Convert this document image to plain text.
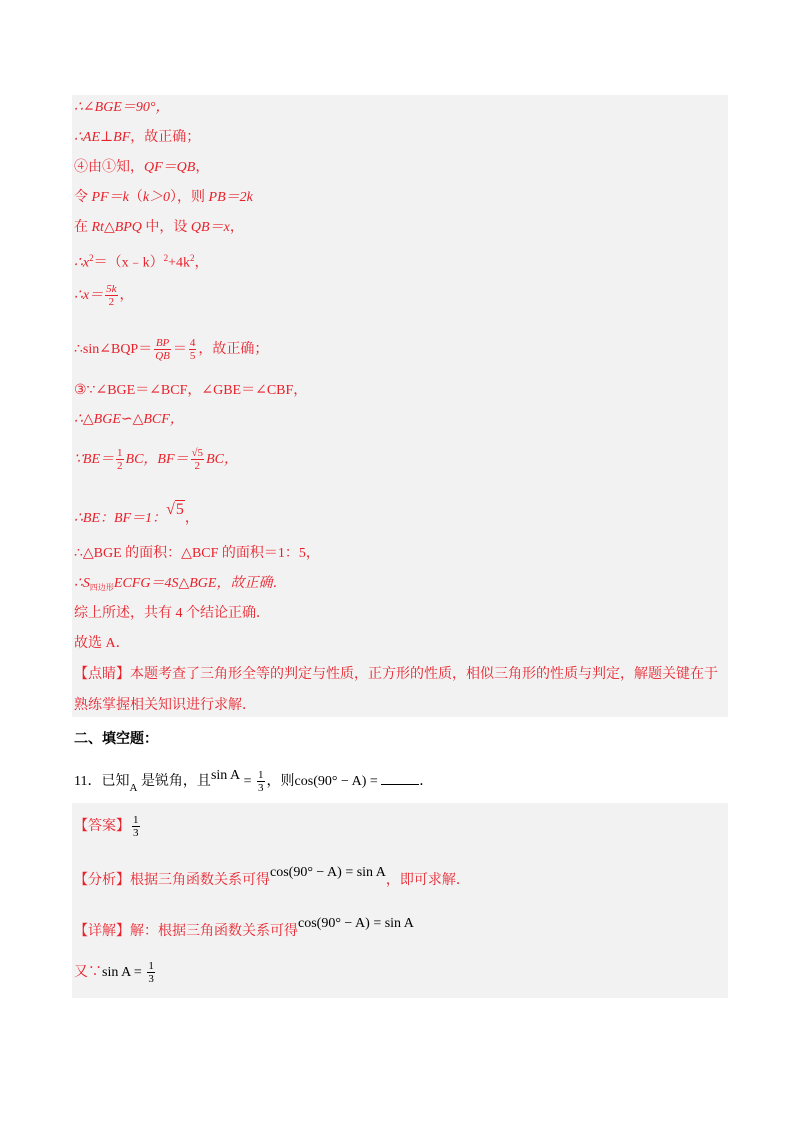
∴∠BGE＝90°，
∴AE⊥BF，故正确；
④由①知，QF＝QB，
令 PF＝k（k＞0），则 PB＝2k
在 Rt△BPQ 中，设 QB＝x，
$\therefore x^2=(x﹣k)^2+4k^2$，
∴x＝ $\frac{5k}{2}$ ，
∴sin∠BQP＝ $\frac{BP}{QB} = \frac{4}{5}$ ，故正确；
③∵∠BGE＝∠BCF，∠GBE＝∠CBF，
∴△BGE∽△BCF，
∵BE＝ $\frac{1}{2}$ BC，$BF= \frac{√5}{2}$ BC，
∴BE：BF＝1：√5，
∴△BGE 的面积：△BCF 的面积＝1：5，
$\therefore S_{四边形}ECFG=4S\triangle BGE$，故正确．
综上所述，共有 4 个结论正确．
故选 A．
【点睛】本题考查了三角形全等的判定与性质，正方形的性质，相似三角形的性质与判定，解题关键在于
熟练掌握相关知识进行求解．
二、填空题：
11．已知$_A$ 是锐角，且$\sin A = \frac{1}{3}$ ，则cos(90° − A) =	．
【答案】 $\frac{1}{3}$
【分析】根据三角函数关系可得cos(90° − A) = sin A，即可求解．
【详解】解：根据三角函数关系可得cos(90° − A) = sin A
又∵sin $A = \frac{1}{3}$
